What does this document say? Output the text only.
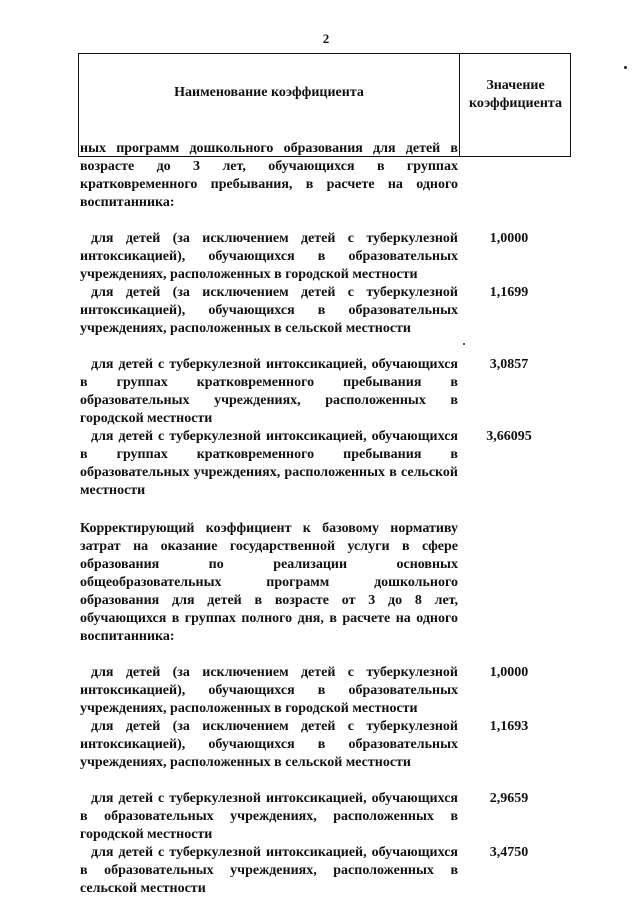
2
Наименование коэффициента	Значение
коэффициента

ных программ дошкольного образования для детей в возрасте до 3 лет, обучающихся в группах кратковременного пребывания, в расчете на одного воспитанника:

для детей (за исключением детей с туберкулезной интоксикацией), обучающихся в образовательных учреждениях, расположенных в городской местности
1,0000
для детей (за исключением детей с туберкулезной интоксикацией), обучающихся в образовательных учреждениях, расположенных в сельской местности
1,1699
для детей с туберкулезной интоксикацией, обучающихся в группах кратковременного пребывания в образовательных учреждениях, расположенных в городской местности
3,0857
для детей с туберкулезной интоксикацией, обучающихся в группах кратковременного пребывания в образовательных учреждениях, расположенных в сельской местности
3,66095

Корректирующий коэффициент к базовому нормативу затрат на оказание государственной услуги в сфере образования по реализации основных общеобразовательных программ дошкольного образования для детей в возрасте от 3 до 8 лет, обучающихся в группах полного дня, в расчете на одного воспитанника:

для детей (за исключением детей с туберкулезной интоксикацией), обучающихся в образовательных учреждениях, расположенных в городской местности
1,0000
для детей (за исключением детей с туберкулезной интоксикацией), обучающихся в образовательных учреждениях, расположенных в сельской местности
1,1693
для детей с туберкулезной интоксикацией, обучающихся в образовательных учреждениях, расположенных в городской местности
2,9659
для детей с туберкулезной интоксикацией, обучающихся в образовательных учреждениях, расположенных в сельской местности
3,4750
